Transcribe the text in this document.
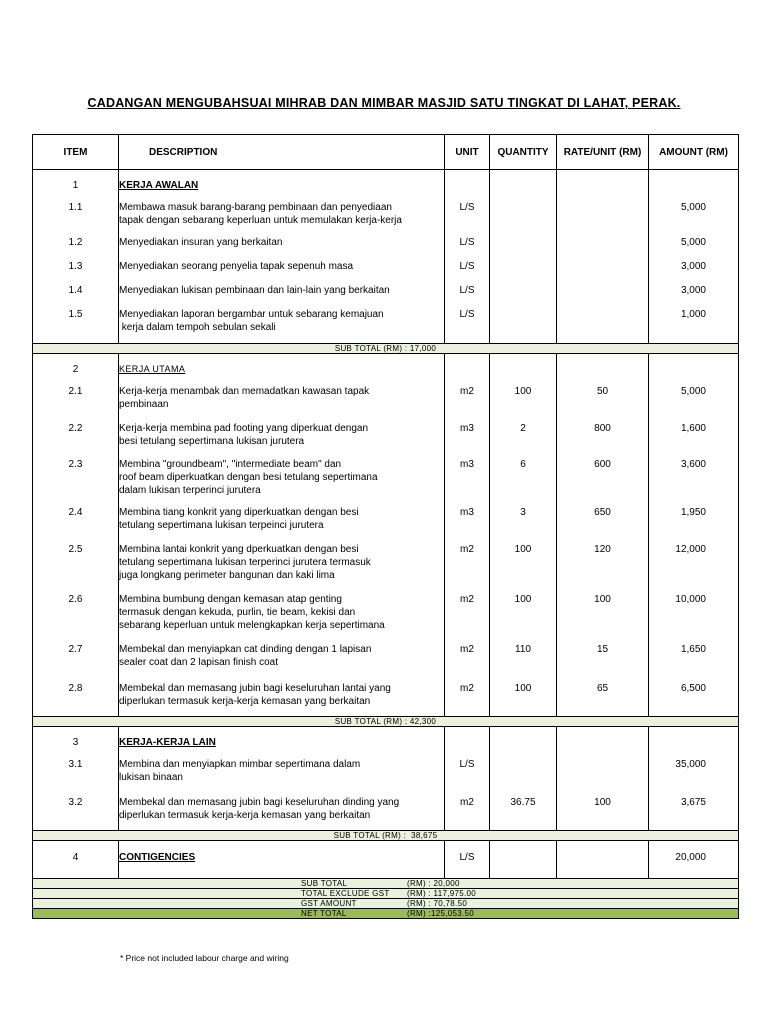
CADANGAN MENGUBAHSUAI MIHRAB DAN MIMBAR MASJID SATU TINGKAT DI LAHAT, PERAK.
ITEM	DESCRIPTION	UNIT	QUANTITY	RATE/UNIT (RM)	AMOUNT (RM)
1	KERJA AWALAN				
1.1	Membawa masuk barang-barang pembinaan dan penyediaan
tapak dengan sebarang keperluan untuk memulakan kerja-kerja	L/S			5,000
1.2	Menyediakan insuran yang berkaitan	L/S			5,000
1.3	Menyediakan seorang penyelia tapak sepenuh masa	L/S			3,000
1.4	Menyediakan lukisan pembinaan dan lain-lain yang berkaitan	L/S			3,000
1.5	Menyediakan laporan bergambar untuk sebarang kemajuan
kerja dalam tempoh sebulan sekali	L/S			1,000
SUB TOTAL (RM) : 17,000					
2	KERJA UTAMA				
2.1	Kerja-kerja menambak dan memadatkan kawasan tapak
pembinaan	m2	100	50	5,000
2.2	Kerja-kerja membina pad footing yang diperkuat dengan
besi tetulang sepertimana lukisan jurutera	m3	2	800	1,600
2.3	Membina "groundbeam", "intermediate beam" dan
roof beam diperkuatkan dengan besi tetulang sepertimana
dalam lukisan terperinci jurutera	m3	6	600	3,600
2.4	Membina tiang konkrit yang diperkuatkan dengan besi
tetulang sepertimana lukisan terpeinci jurutera	m3	3	650	1,950
2.5	Membina lantai konkrit yang dperkuatkan dengan besi
tetulang sepertimana lukisan terperinci jurutera termasuk
juga longkang perimeter bangunan dan kaki lima	m2	100	120	12,000
2.6	Membina bumbung dengan kemasan atap genting
termasuk dengan kekuda, purlin, tie beam, kekisi dan
sebarang keperluan untuk melengkapkan kerja sepertimana	m2	100	100	10,000
2.7	Membekal dan menyiapkan cat dinding dengan 1 lapisan
sealer coat dan 2 lapisan finish coat	m2	110	15	1,650
2.8	Membekal dan memasang jubin bagi keseluruhan lantai yang
diperlukan termasuk kerja-kerja kemasan yang berkaitan	m2	100	65	6,500
SUB TOTAL (RM) : 42,300					
3	KERJA-KERJA LAIN				
3.1	Membina dan menyiapkan mimbar sepertimana dalam
lukisan binaan	L/S			35,000
3.2	Membekal dan memasang jubin bagi keseluruhan dinding yang
diperlukan termasuk kerja-kerja kemasan yang berkaitan	m2	36.75	100	3,675
SUB TOTAL (RM) :  38,675					
4	CONTIGENCIES	L/S			20,000
SUB TOTAL (RM) : 20,000					
TOTAL EXCLUDE GST (RM) : 117,975.00					
GST AMOUNT (RM) : 70,78.50					
NET TOTAL (RM) :125,053.50					
* Price not included labour charge and wiring
